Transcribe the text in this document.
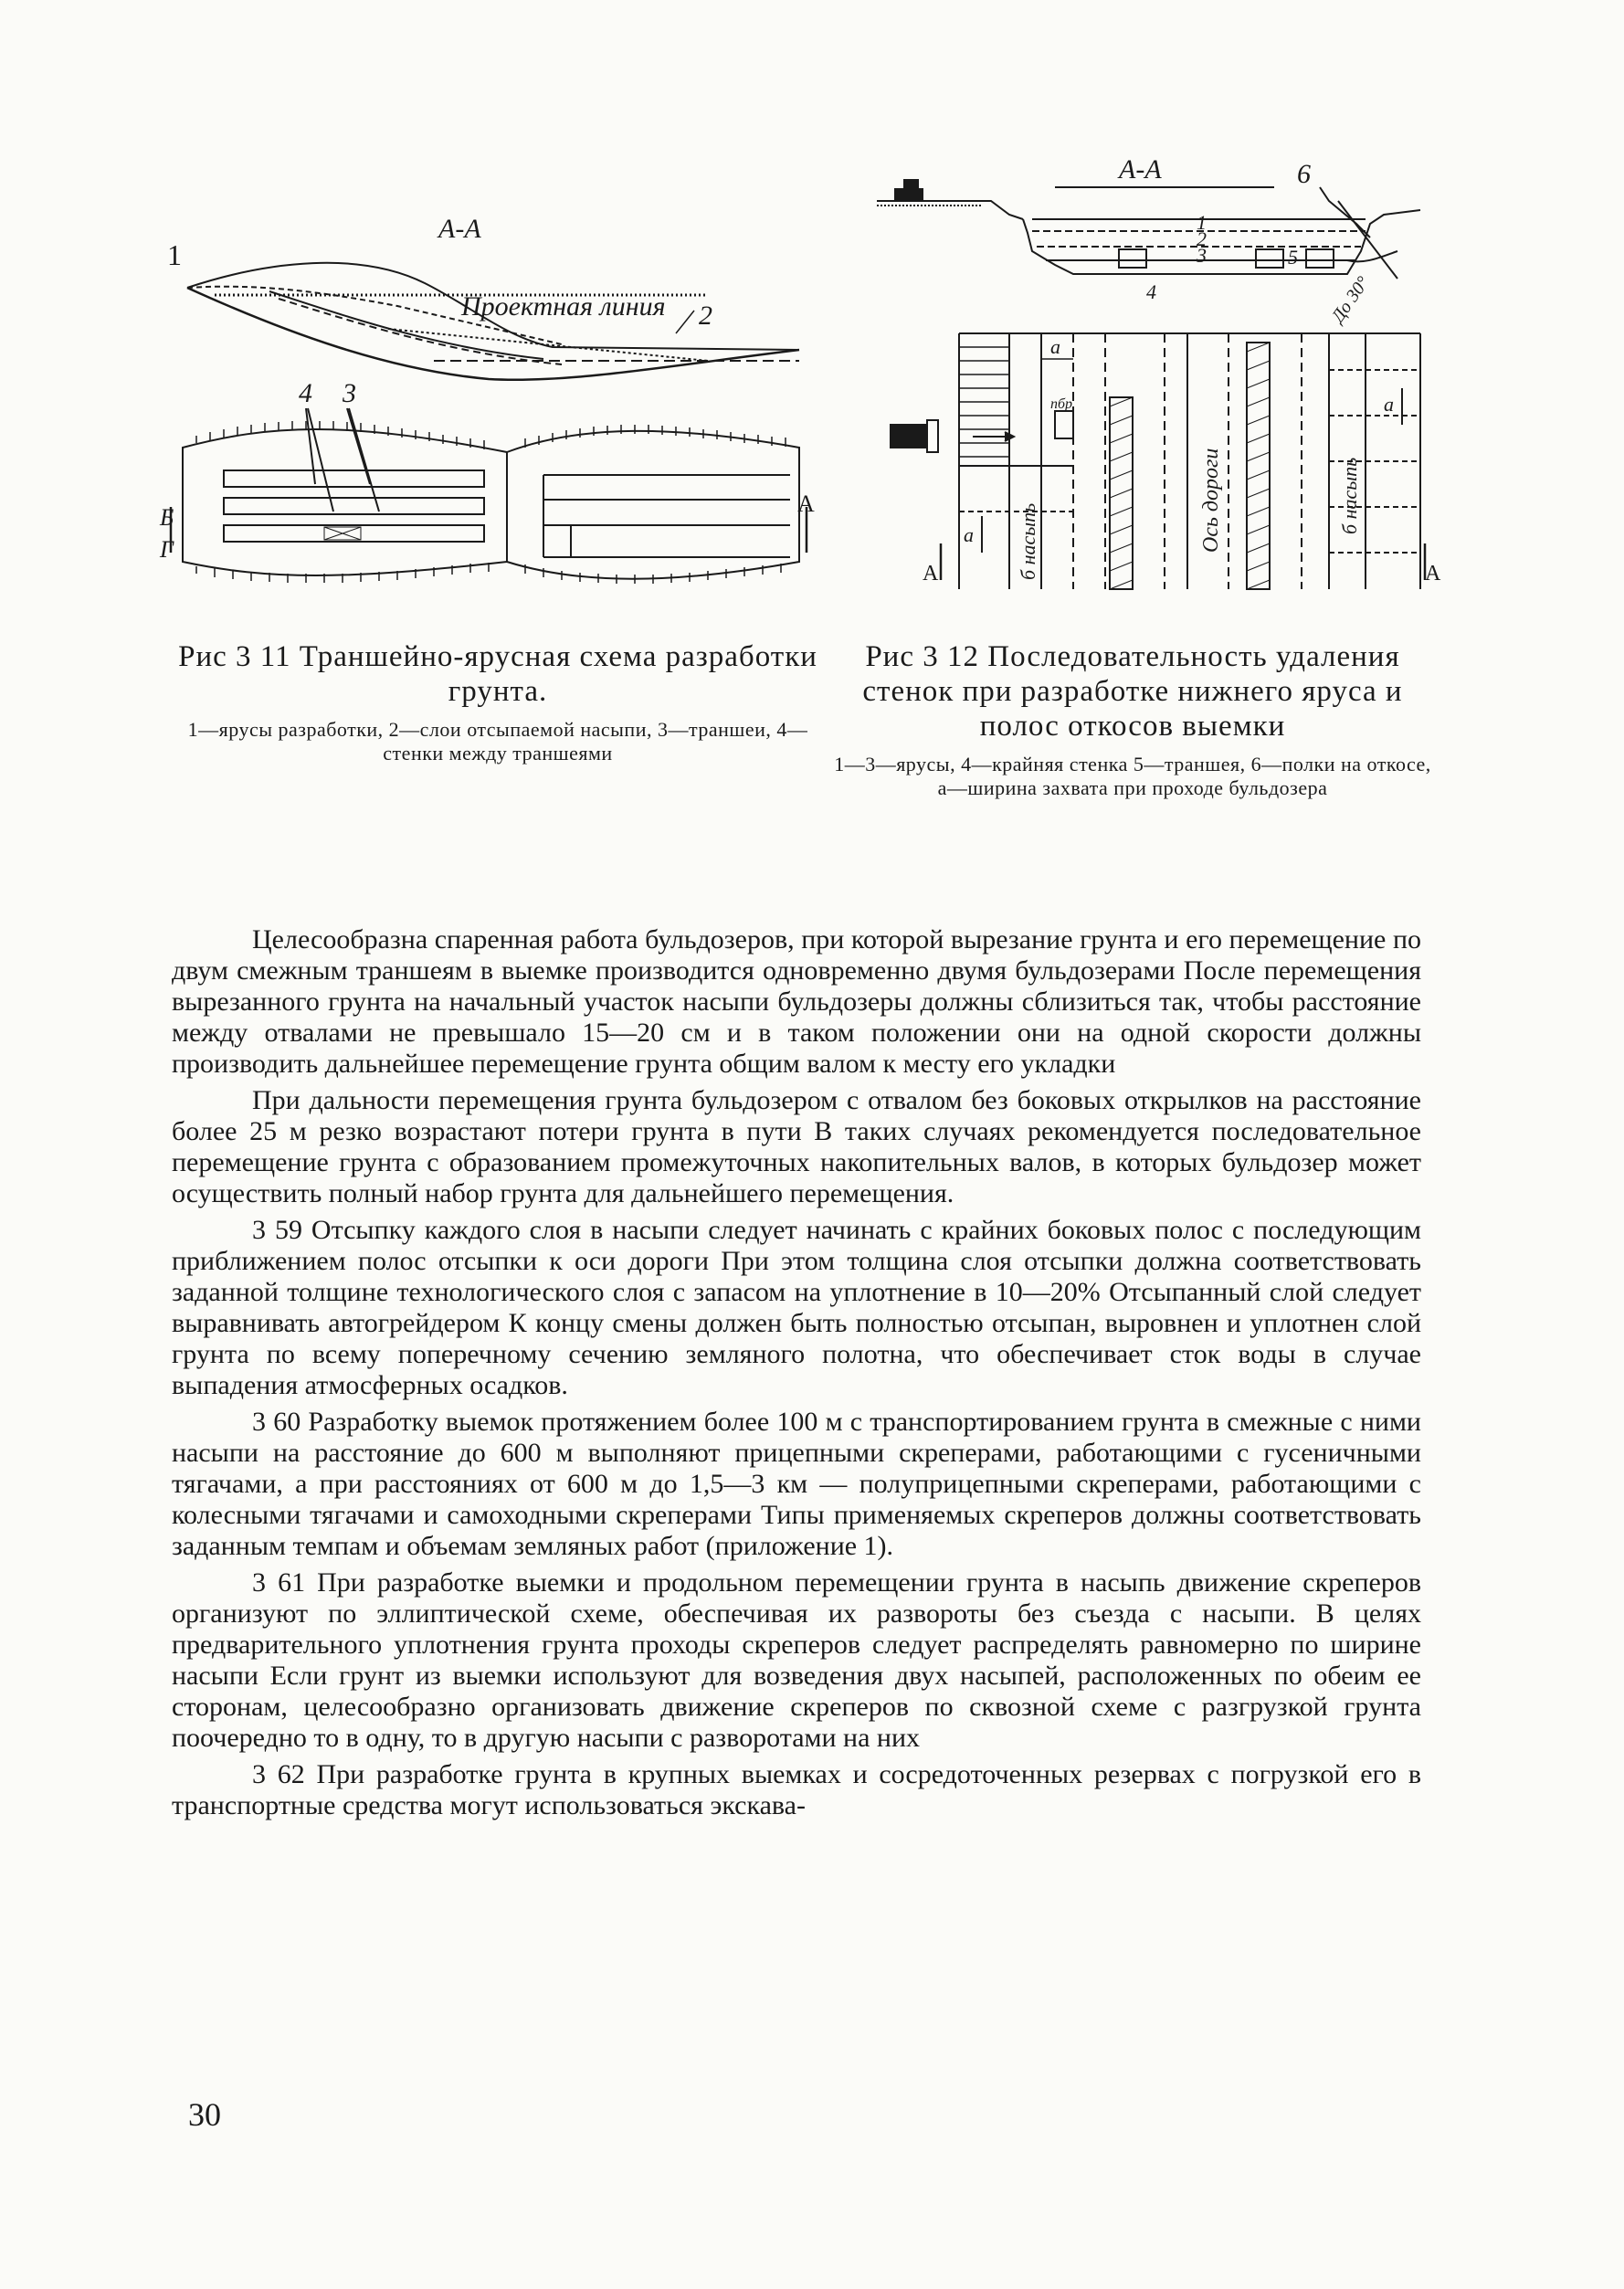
1
А-А
Проектная линия 2
4 3
Б
Г
А
Рис 3 11 Траншейно-ярусная схема разработки грунта.
1—ярусы разработки, 2—слои отсыпаемой насыпи, 3—траншеи, 4—стенки между траншеями
А-А	6
1
2
3
4
5
До 30°
а
а
а
пбр
Ось дороги
б насыпь
б насыпь
А	А
Рис 3 12 Последовательность удаления стенок при разработке нижнего яруса и полос откосов выемки
1—3—ярусы, 4—крайняя стенка 5—траншея, 6—полки на откосе,
а—ширина захвата при проходе бульдозера

Целесообразна спаренная работа бульдозеров, при которой вырезание грунта и его перемещение по двум смежным траншеям в выемке производится одновременно двумя бульдозерами После перемещения вырезанного грунта на начальный участок насыпи бульдозеры должны сблизиться так, чтобы расстояние между отвалами не превышало 15—20 см и в таком положении они на одной скорости должны производить дальнейшее перемещение грунта общим валом к месту его укладки

При дальности перемещения грунта бульдозером с отвалом без боковых открылков на расстояние более 25 м резко возрастают потери грунта в пути В таких случаях рекомендуется последовательное перемещение грунта с образованием промежуточных накопительных валов, в которых бульдозер может осуществить полный набор грунта для дальнейшего перемещения.

3 59 Отсыпку каждого слоя в насыпи следует начинать с крайних боковых полос с последующим приближением полос отсыпки к оси дороги При этом толщина слоя отсыпки должна соответствовать заданной толщине технологического слоя с запасом на уплотнение в 10—20% Отсыпанный слой следует выравнивать автогрейдером К концу смены должен быть полностью отсыпан, выровнен и уплотнен слой грунта по всему поперечному сечению земляного полотна, что обеспечивает сток воды в случае выпадения атмосферных осадков.

3 60 Разработку выемок протяжением более 100 м с транспортированием грунта в смежные с ними насыпи на расстояние до 600 м выполняют прицепными скреперами, работающими с гусеничными тягачами, а при расстояниях от 600 м до 1,5—3 км — полуприцепными скреперами, работающими с колесными тягачами и самоходными скреперами Типы применяемых скреперов должны соответствовать заданным темпам и объемам земляных работ (приложение 1).

3 61 При разработке выемки и продольном перемещении грунта в насыпь движение скреперов организуют по эллиптической схеме, обеспечивая их развороты без съезда с насыпи. В целях предварительного уплотнения грунта проходы скреперов следует распределять равномерно по ширине насыпи Если грунт из выемки используют для возведения двух насыпей, расположенных по обеим ее сторонам, целесообразно организовать движение скреперов по сквозной схеме с разгрузкой грунта поочередно то в одну, то в другую насыпи с разворотами на них

3 62 При разработке грунта в крупных выемках и сосредоточенных резервах с погрузкой его в транспортные средства могут использоваться экскава-

30
